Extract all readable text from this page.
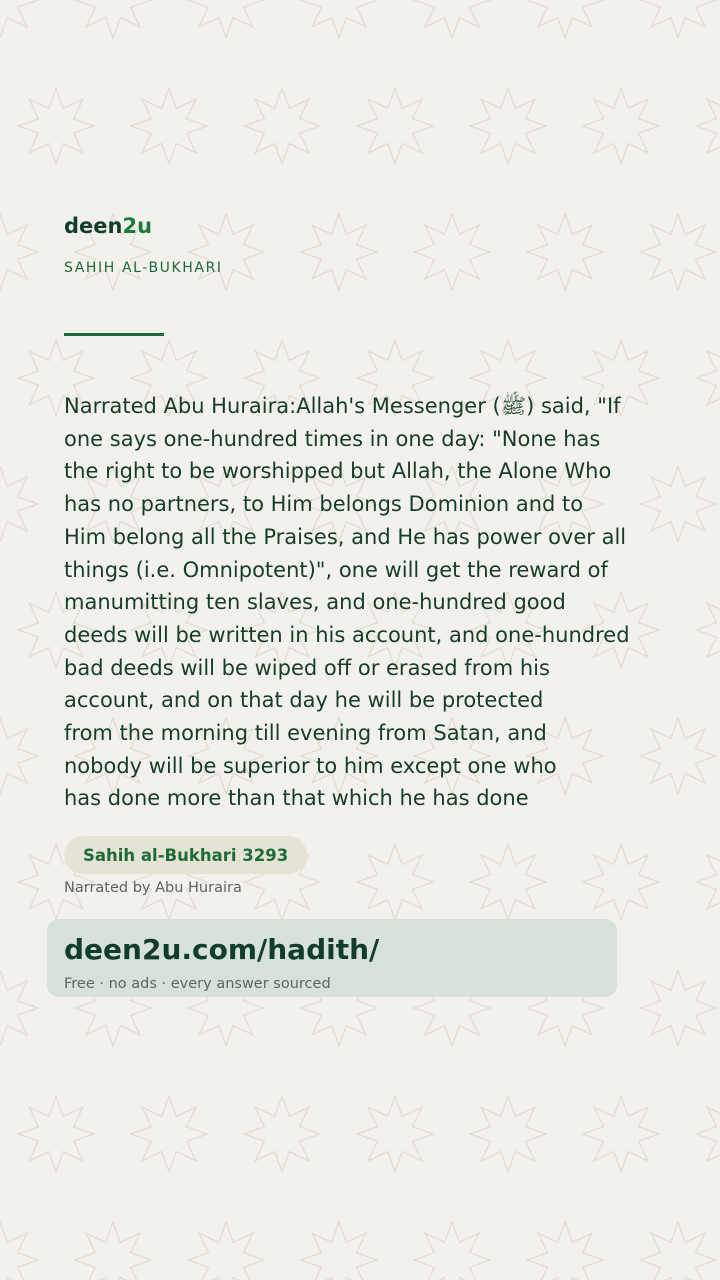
deen2u

SAHIH AL-BUKHARI

Narrated Abu Huraira:Allah's Messenger (ﷺ) said, "If
one says one-hundred times in one day: "None has
the right to be worshipped but Allah, the Alone Who
has no partners, to Him belongs Dominion and to
Him belong all the Praises, and He has power over all
things (i.e. Omnipotent)", one will get the reward of
manumitting ten slaves, and one-hundred good
deeds will be written in his account, and one-hundred
bad deeds will be wiped off or erased from his
account, and on that day he will be protected
from the morning till evening from Satan, and
nobody will be superior to him except one who
has done more than that which he has done

Sahih al-Bukhari 3293

Narrated by Abu Huraira

deen2u.com/hadith/

Free · no ads · every answer sourced
